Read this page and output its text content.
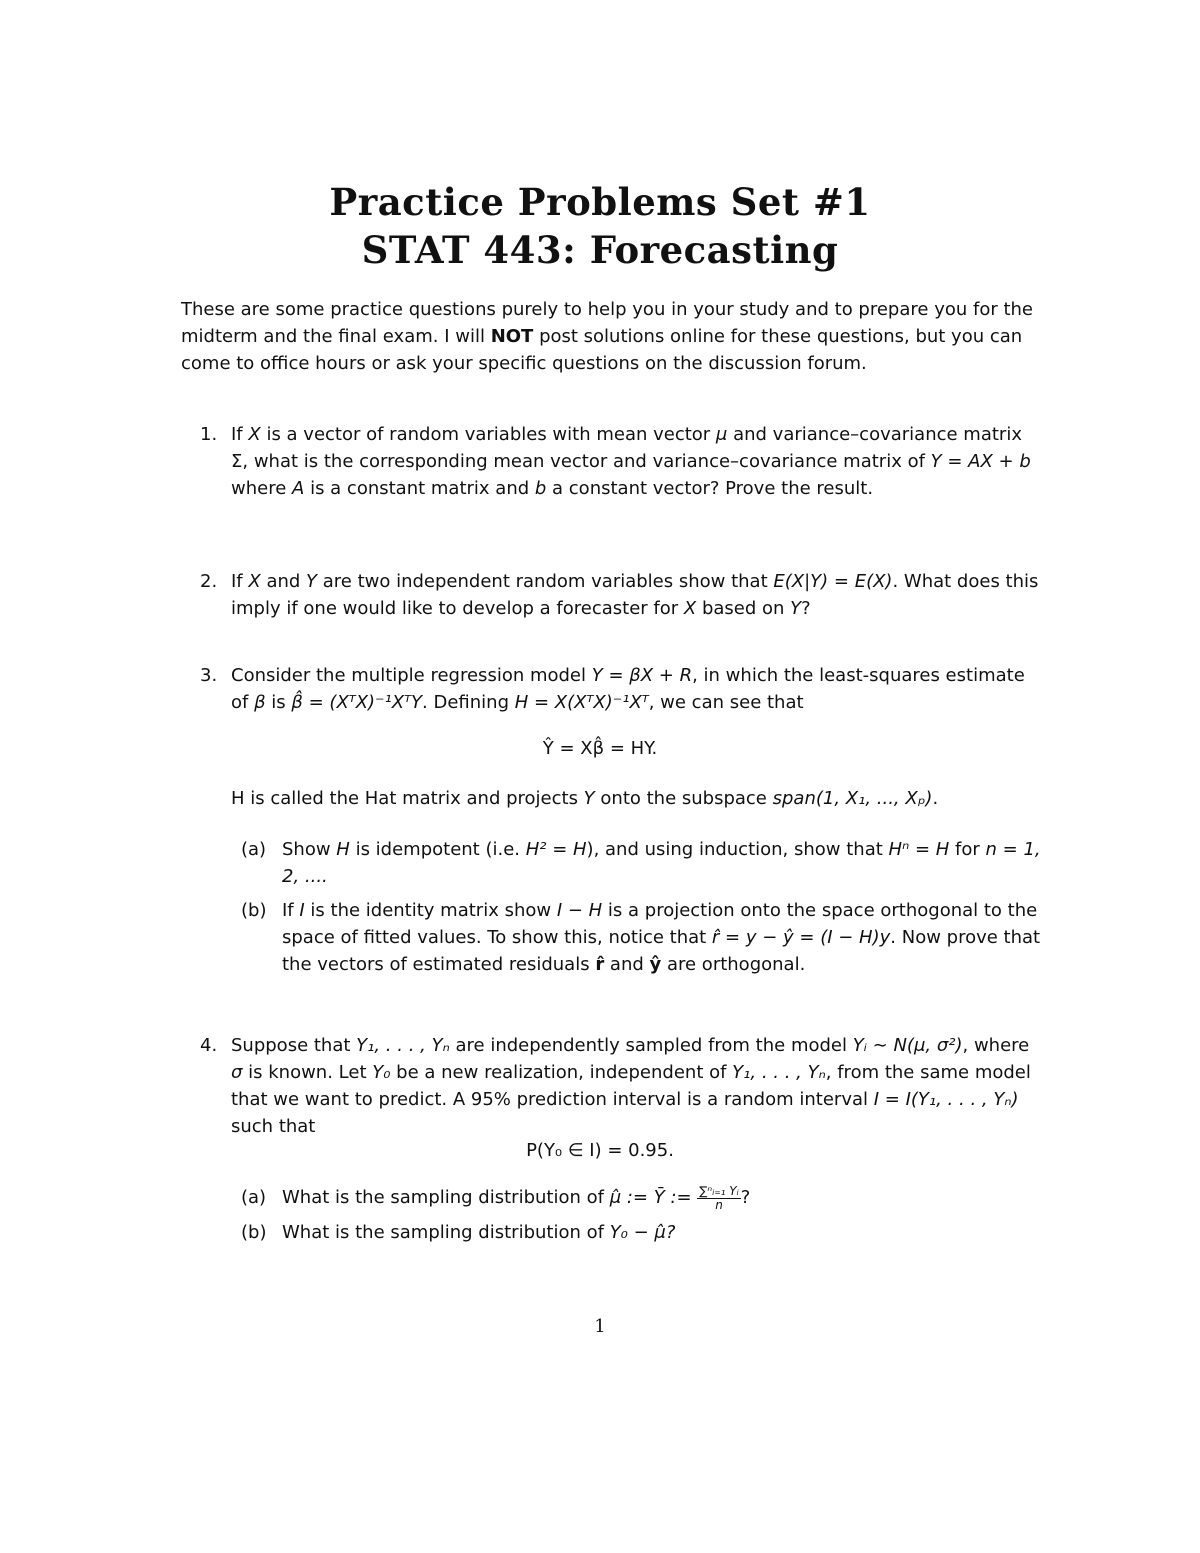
Practice Problems Set #1
STAT 443: Forecasting
These are some practice questions purely to help you in your study and to prepare you for the midterm and the final exam. I will NOT post solutions online for these questions, but you can come to office hours or ask your specific questions on the discussion forum.
1. If X is a vector of random variables with mean vector μ and variance–covariance matrix Σ, what is the corresponding mean vector and variance–covariance matrix of Y = AX + b where A is a constant matrix and b a constant vector? Prove the result.
2. If X and Y are two independent random variables show that E(X|Y) = E(X). What does this imply if one would like to develop a forecaster for X based on Y?
3. Consider the multiple regression model Y = βX + R, in which the least-squares estimate of β is β̂ = (XᵀX)⁻¹XᵀY. Defining H = X(XᵀX)⁻¹Xᵀ, we can see that
Ŷ = Xβ̂ = HY.
H is called the Hat matrix and projects Y onto the subspace span(1, X₁, ..., Xₚ).
(a) Show H is idempotent (i.e. H² = H), and using induction, show that Hⁿ = H for n = 1, 2, ....
(b) If I is the identity matrix show I − H is a projection onto the space orthogonal to the space of fitted values. To show this, notice that r̂ = y − ŷ = (I − H)y. Now prove that the vectors of estimated residuals r̂ and ŷ are orthogonal.
4. Suppose that Y₁, . . . , Yₙ are independently sampled from the model Yᵢ ∼ N(μ, σ²), where σ is known. Let Y₀ be a new realization, independent of Y₁, . . . , Yₙ, from the same model that we want to predict. A 95% prediction interval is a random interval I = I(Y₁, . . . , Yₙ) such that
P(Y₀ ∈ I) = 0.95.
(a) What is the sampling distribution of μ̂ := Ȳ := $\frac{\text{∑ⁿᵢ₌₁ Yᵢ}}{n}$ ?
(b) What is the sampling distribution of Y₀ − μ̂?
1
